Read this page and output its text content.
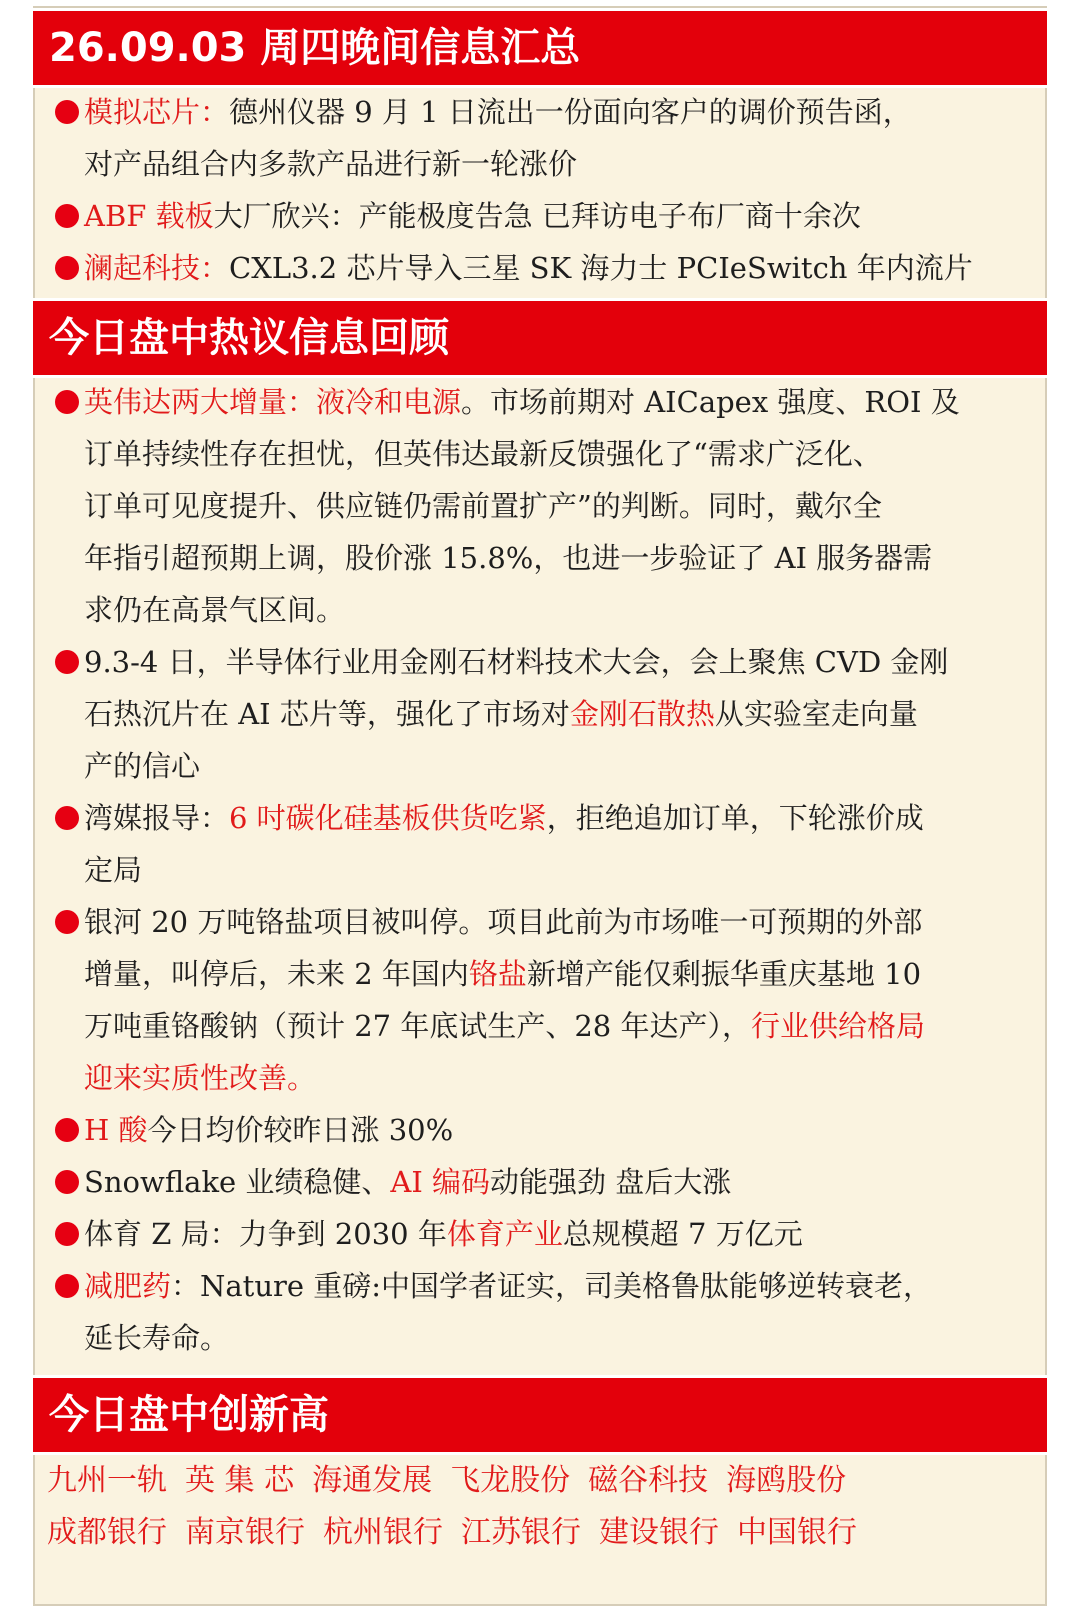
26.09.03 周四晚间信息汇总
模拟芯片：德州仪器 9 月 1 日流出一份面向客户的调价预告函，
对产品组合内多款产品进行新一轮涨价
ABF 载板大厂欣兴：产能极度告急 已拜访电子布厂商十余次
澜起科技：CXL3.2 芯片导入三星 SK 海力士 PCIeSwitch 年内流片
今日盘中热议信息回顾
英伟达两大增量：液冷和电源。市场前期对 AICapex 强度、ROI 及
订单持续性存在担忧，但英伟达最新反馈强化了“需求广泛化、
订单可见度提升、供应链仍需前置扩产”的判断。同时，戴尔全
年指引超预期上调，股价涨 15.8%，也进一步验证了 AI 服务器需
求仍在高景气区间。
9.3-4 日，半导体行业用金刚石材料技术大会，会上聚焦 CVD 金刚
石热沉片在 AI 芯片等，强化了市场对金刚石散热从实验室走向量
产的信心
湾媒报导：6 吋碳化硅基板供货吃紧，拒绝追加订单，下轮涨价成
定局
银河 20 万吨铬盐项目被叫停。项目此前为市场唯一可预期的外部
增量，叫停后，未来 2 年国内铬盐新增产能仅剩振华重庆基地 10
万吨重铬酸钠（预计 27 年底试生产、28 年达产），行业供给格局
迎来实质性改善。
H 酸今日均价较昨日涨 30%
Snowflake 业绩稳健、AI 编码动能强劲 盘后大涨
体育 Z 局：力争到 2030 年体育产业总规模超 7 万亿元
减肥药：Nature 重磅:中国学者证实，司美格鲁肽能够逆转衰老，
延长寿命。
今日盘中创新高
九州一轨 英 集 芯 海通发展 飞龙股份 磁谷科技 海鸥股份
成都银行 南京银行 杭州银行 江苏银行 建设银行 中国银行
